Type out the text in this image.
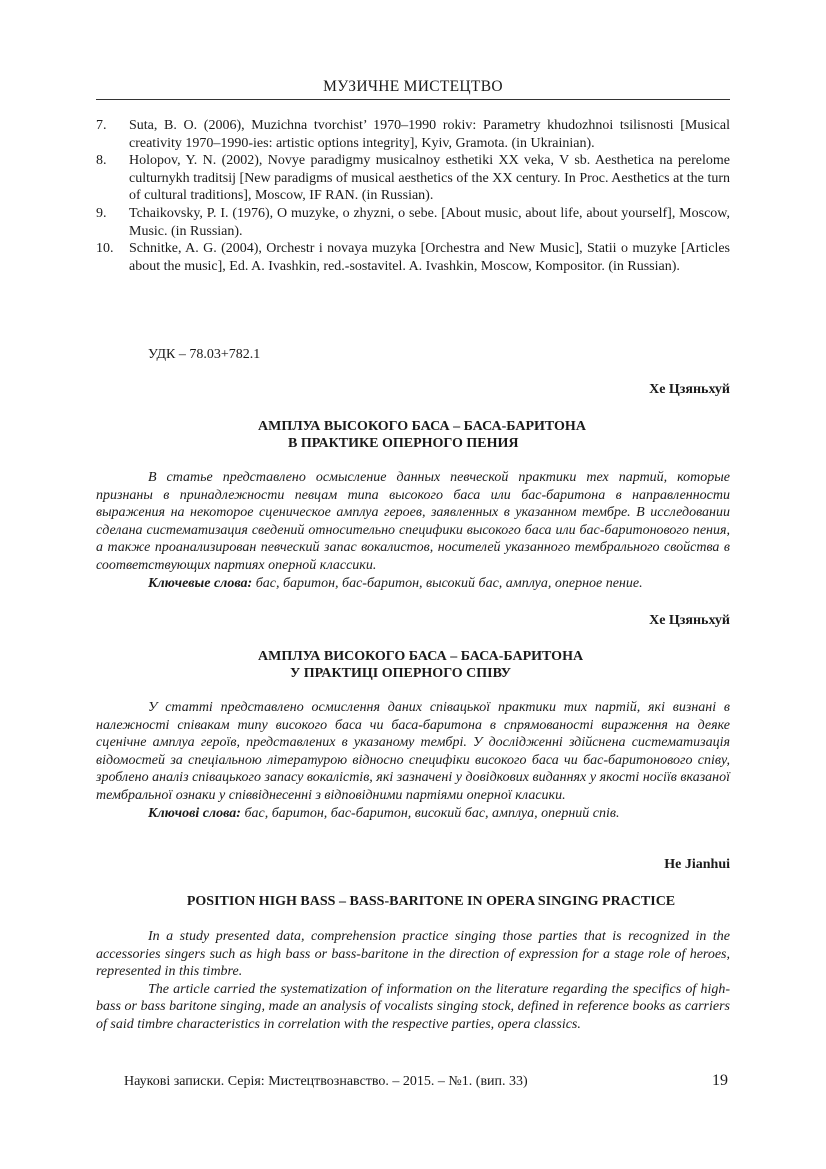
МУЗИЧНЕ МИСТЕЦТВО
7. Suta, B. O. (2006), Muzichna tvorchist’ 1970–1990 rokiv: Parametry khudozhnoi tsilisnosti [Musical creativity 1970–1990-ies: artistic options integrity], Kyiv, Gramota. (in Ukrainian).
8. Holopov, Y. N. (2002), Novye paradigmy musicalnoy esthetiki XX veka, V sb. Aesthetica na perelome culturnykh traditsij [New paradigms of musical aesthetics of the XX century. In Proc. Aesthetics at the turn of cultural traditions], Moscow, IF RAN. (in Russian).
9. Tchaikovsky, P. I. (1976), O muzyke, o zhyzni, o sebe. [About music, about life, about yourself], Moscow, Music. (in Russian).
10. Schnitke, A. G. (2004), Orchestr i novaya muzyka [Orchestra and New Music], Statii o muzyke [Articles about the music], Ed. A. Ivashkin, red.-sostavitel. A. Ivashkin, Moscow, Kompositor. (in Russian).
УДК – 78.03+782.1
Хе Цзяньхуй
АМПЛУА ВЫСОКОГО БАСА – БАСА-БАРИТОНА
В ПРАКТИКЕ ОПЕРНОГО ПЕНИЯ

В статье представлено осмысление данных певческой практики тех партий, которые признаны в принадлежности певцам типа высокого баса или бас-баритона в направленности выражения на некоторое сценическое амплуа героев, заявленных в указанном тембре. В исследовании сделана систематизация сведений относительно специфики высокого баса или бас-баритонового пения, а также проанализирован певческий запас вокалистов, носителей указанного тембрального свойства в соответствующих партиях оперной классики.

Ключевые слова: бас, баритон, бас-баритон, высокий бас, амплуа, оперное пение.

Хе Цзяньхуй
АМПЛУА ВИСОКОГО БАСА – БАСА-БАРИТОНА
У ПРАКТИЦІ ОПЕРНОГО СПІВУ

У статті представлено осмислення даних співацької практики тих партій, які визнані в належності співакам типу високого баса чи баса-баритона в спрямованості вираження на деяке сценічне амплуа героїв, представлених в указаному тембрі. У дослідженні здійснена систематизація відомостей за спеціальною літературою відносно специфіки високого баса чи бас-баритонового співу, зроблено аналіз співацького запасу вокалістів, які зазначені у довідкових виданнях у якості носіїв вказаної тембральної ознаки у співвіднесенні з відповідними партіями оперної класики.

Ключові слова: бас, баритон, бас-баритон, високий бас, амплуа, оперний спів.

He Jianhui
POSITION HIGH BASS – BASS-BARITONE IN OPERA SINGING PRACTICE

In a study presented data, comprehension practice singing those parties that is recognized in the accessories singers such as high bass or bass-baritone in the direction of expression for a stage role of heroes, represented in this timbre.

The article carried the systematization of information on the literature regarding the specifics of high-bass or bass baritone singing, made an analysis of vocalists singing stock, defined in reference books as carriers of said timbre characteristics in correlation with the respective parties, opera classics.

Наукові записки. Серія: Мистецтвознавство. – 2015. – №1. (вип. 33)	19
